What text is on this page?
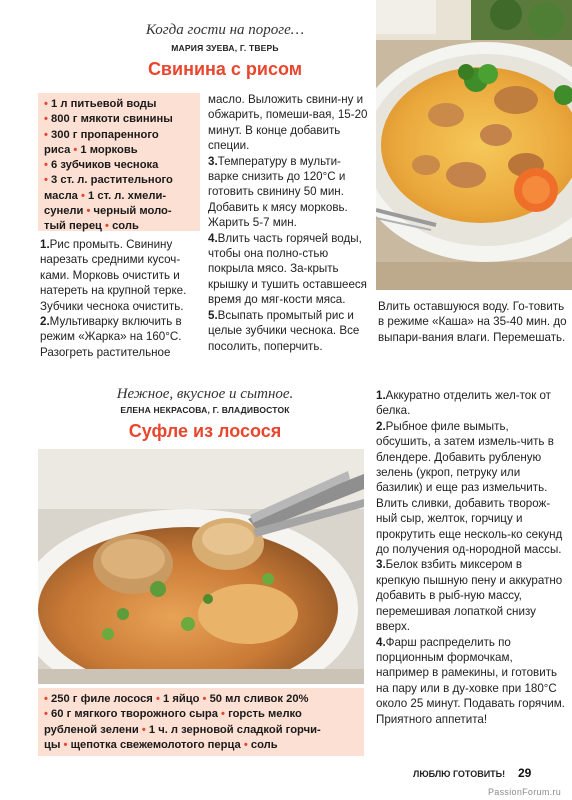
Когда гости на пороге…
МАРИЯ ЗУЕВА, Г. ТВЕРЬ
Свинина с рисом
• 1 л питьевой воды
• 800 г мякоти свинины
• 300 г пропаренного
риса • 1 морковь
• 6 зубчиков чеснока
• 3 ст. л. растительного
масла • 1 ст. л. хмели-
сунели • черный моло-
тый перец • соль
1.Рис промыть. Свинину нарезать средними кусоч-ками. Морковь очистить и натереть на крупной терке. Зубчики чеснока очистить.
2.Мультиварку включить в режим «Жарка» на 160°С. Разогреть растительное
масло. Выложить свини-ну и обжарить, помеши-вая, 15-20 минут. В конце добавить специи.
3.Температуру в мульти-варке снизить до 120°С и готовить свинину 50 мин. Добавить к мясу морковь. Жарить 5-7 мин.
4.Влить часть горячей воды, чтобы она полно-стью покрыла мясо. За-крыть крышку и тушить оставшееся время до мяг-кости мяса.
5.Всыпать промытый рис и целые зубчики чеснока. Все посолить, поперчить.
Влить оставшуюся воду. Го-товить в режиме «Каша» на 35-40 мин. до выпари-вания влаги. Перемешать.
Нежное, вкусное и сытное.
ЕЛЕНА НЕКРАСОВА, Г. ВЛАДИВОСТОК
Суфле из лосося
• 250 г филе лосося • 1 яйцо • 50 мл сливок 20%
• 60 г мягкого творожного сыра • горсть мелко
рубленой зелени • 1 ч. л зерновой сладкой горчи-
цы • щепотка свежемолотого перца • соль
1.Аккуратно отделить жел-ток от белка.
2.Рыбное филе вымыть, обсушить, а затем измель-чить в блендере. Добавить рубленую зелень (укроп, петруку или базилик) и еще раз измельчить. Влить сливки, добавить творож-ный сыр, желток, горчицу и прокрутить еще несколь-ко секунд до получения од-нородной массы.
3.Белок взбить миксером в крепкую пышную пену и аккуратно добавить в рыб-ную массу, перемешивая лопаткой снизу вверх.
4.Фарш распределить по порционным формочкам, например в рамекины, и готовить на пару или в ду-ховке при 180°С около 25 минут. Подавать горячим. Приятного аппетита!
ЛЮБЛЮ ГОТОВИТЬ! 29
PassionForum.ru
